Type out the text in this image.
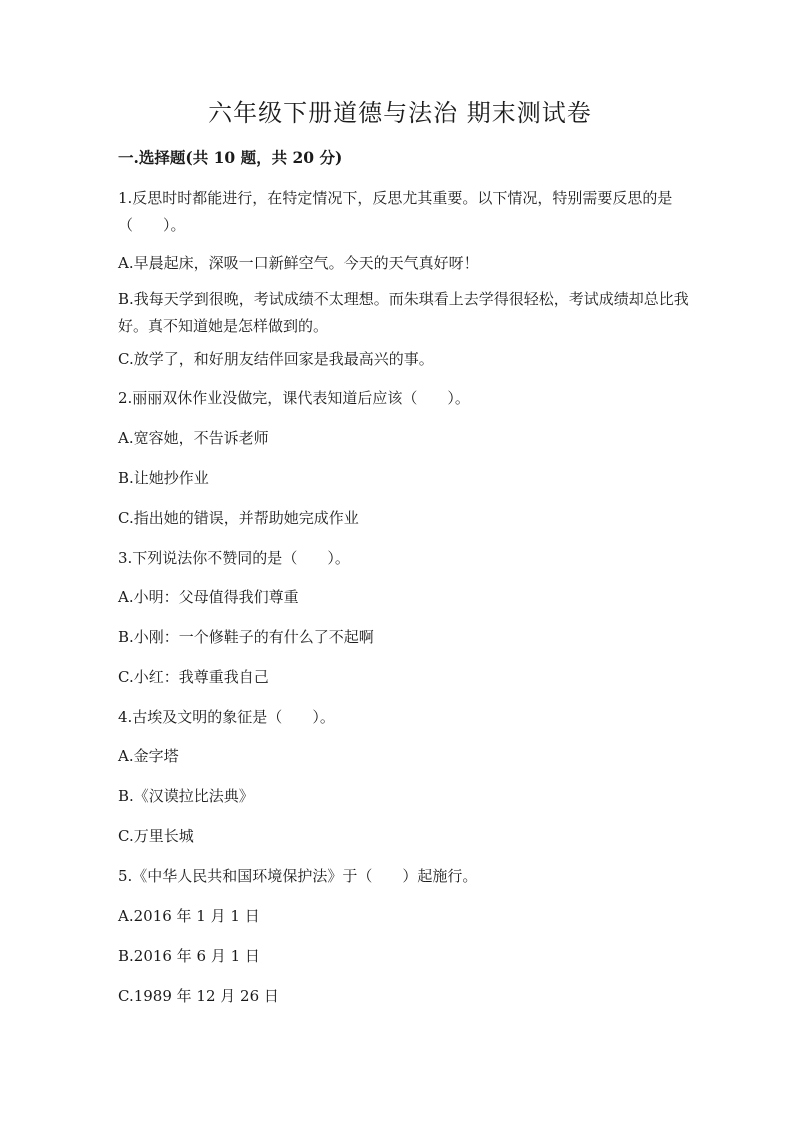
六年级下册道德与法治 期末测试卷
一.选择题(共 10 题，共 20 分)
1.反思时时都能进行，在特定情况下，反思尤其重要。以下情况，特别需要反思的是（　　）。
A.早晨起床，深吸一口新鲜空气。今天的天气真好呀！
B.我每天学到很晚，考试成绩不太理想。而朱琪看上去学得很轻松，考试成绩却总比我好。真不知道她是怎样做到的。
C.放学了，和好朋友结伴回家是我最高兴的事。
2.丽丽双休作业没做完，课代表知道后应该（　　）。
A.宽容她，不告诉老师
B.让她抄作业
C.指出她的错误，并帮助她完成作业
3.下列说法你不赞同的是（　　）。
A.小明：父母值得我们尊重
B.小刚：一个修鞋子的有什么了不起啊
C.小红：我尊重我自己
4.古埃及文明的象征是（　　）。
A.金字塔
B.《汉谟拉比法典》
C.万里长城
5.《中华人民共和国环境保护法》于（　　）起施行。
A.2016 年 1 月 1 日
B.2016 年 6 月 1 日
C.1989 年 12 月 26 日
